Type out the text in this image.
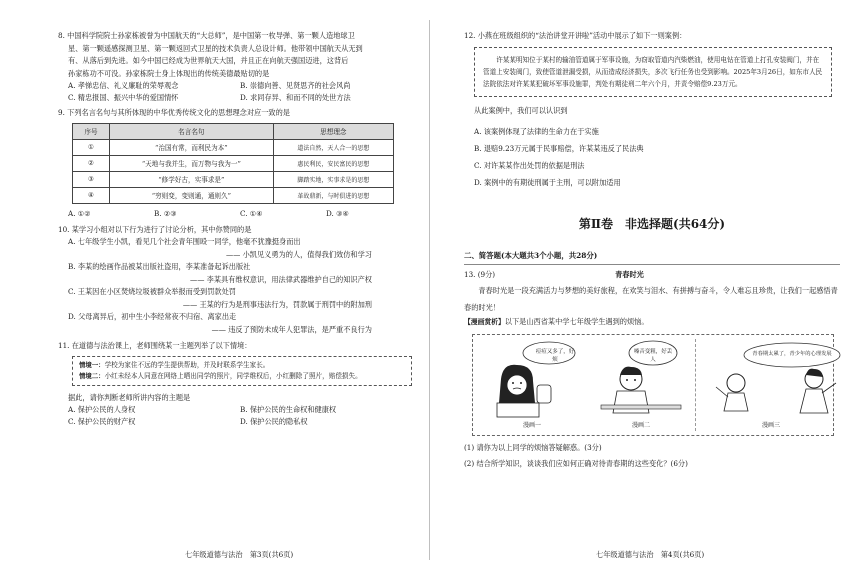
8. 中国科学院院士孙家栋被誉为中国航天的“大总师”，是中国第一枚导弹、第一颗人造地球卫
星、第一颗遥感探测卫星、第一颗返回式卫星的技术负责人总设计师。他带领中国航天从无到
有、从落后到先进。如今中国已经成为世界航天大国，并且正在向航天强国迈进，这背后
孙家栋功不可没。孙家栋院士身上体现出的传统美德最贴切的是
A. 孝悌忠信、礼义廉耻的荣辱观念	B. 崇德向善、见贤思齐的社会风尚
C. 精忠报国、振兴中华的爱国情怀	D. 求同存异、和而不同的处世方法
9. 下列名言名句与其所体现的中华优秀传统文化的思想理念对应一致的是
序号	名言名句	思想理念
①	“治国有常，而利民为本”	道法自然，天人合一的思想
②	“天地与我并生，而万物与我为一”	惠民利民，安民富民的思想
③	“修学好古，实事求是”	脚踏实地，实事求是的思想
④	“穷则变，变则通，通则久”	革故鼎新，与时俱进的思想
A. ①②	B. ②③	C. ①④	D. ③④
10. 某学习小组对以下行为进行了讨论分析，其中你赞同的是
A. 七年级学生小凯，看见几个社会青年围殴一同学，他毫不犹豫挺身而出
—— 小凯见义勇为的人，值得我们效仿和学习
B. 李某的绘画作品被某出版社盗用，李某准备起诉出版社
—— 李某具有维权意识，用法律武器维护自己的知识产权
C. 王某因在小区焚烧垃圾被群众举报而受到罚款处罚
—— 王某的行为是刑事违法行为，罚款属于刑罚中的附加刑
D. 父母离异后，初中生小李经常夜不归宿、离家出走
—— 违反了预防未成年人犯罪法，是严重不良行为
11. 在道德与法治课上，老师围绕某一主题列举了以下情境：
情境一：学校为家住不远的学生提供帮助，并及时联系学生家长。
情境二：小红未经本人同意在网络上晒出同学的照片，同学维权后，小红删除了照片，赔偿损失。
据此，请你判断老师所讲内容的主题是
A. 保护公民的人身权	B. 保护公民的生命权和健康权
C. 保护公民的财产权	D. 保护公民的隐私权
12. 小燕在班级组织的“法治讲堂开讲啦”活动中展示了如下一则案例：
许某某明知位于某村的输油管道属于军事设施，为窃取管道内汽柴燃油，使用电钻在管道上打孔安装阀门，并在管道上安装阀门，致使管道泄漏受损，从而造成经济损失，多次飞行任务也受到影响。2025年3月26日，如东市人民法院依法对许某某犯破坏军事设施罪，判处有期徒刑二年六个月，并责令赔偿9.23万元。
从此案例中，我们可以认识到
A. 该案例体现了法律的生命力在于实施
B. 退赔9.23万元属于民事赔偿，许某某违反了民法典
C. 对许某某作出处罚的依据是刑法
D. 案例中的有期徒刑属于主刑，可以附加适用
第Ⅱ卷　非选择题(共64分)
二、简答题(本大题共3个小题，共28分)
13. (9分)	青春时光

青春时光是一段充满活力与梦想的美好旅程，在欢笑与泪水、有拼搏与奋斗，令人难忘且珍贵，让我们一起感悟青春的时光！

【漫画赏析】以下是山西省某中学七年级学生遇到的烦恼。
痘痘又多了，好烦
漫画一
嗓音变粗，好丢人
漫画二
青春期太累了，青少年的心理发展
漫画三
(1) 请你为以上同学的烦恼答疑解惑。(3分)
(2) 结合所学知识，谈谈我们应如何正确对待青春期的这些变化？(6分)
七年级道德与法治　第3页(共6页)	七年级道德与法治　第4页(共6页)
